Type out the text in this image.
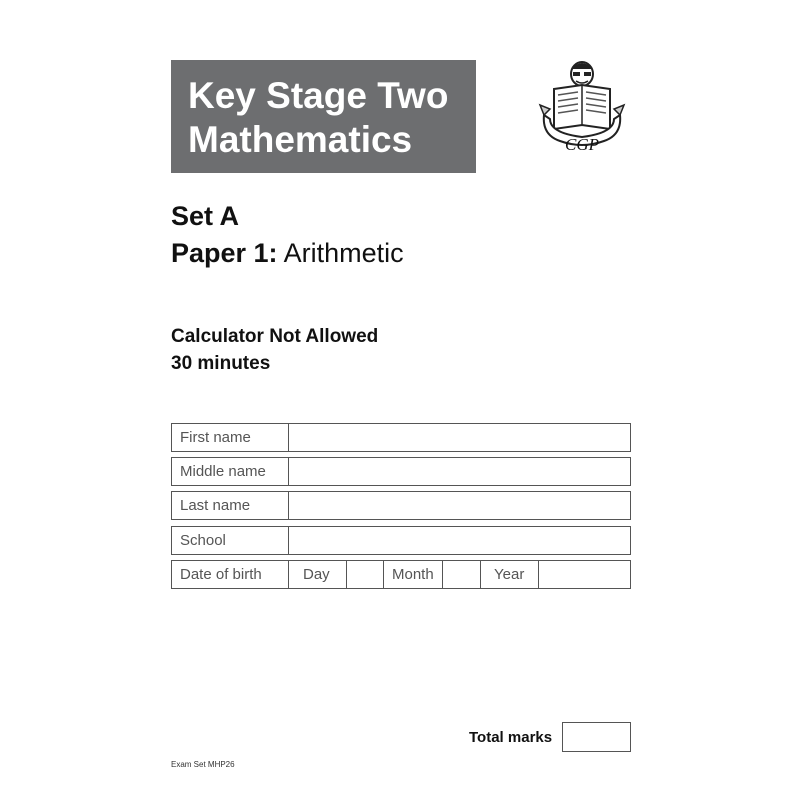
Key Stage Two
Mathematics	CGP
Set A
Paper 1: Arithmetic
Calculator Not Allowed
30 minutes
First name
Middle name
Last name
School
Date of birth	Day	Month	Year
Total marks
Exam Set MHP26
